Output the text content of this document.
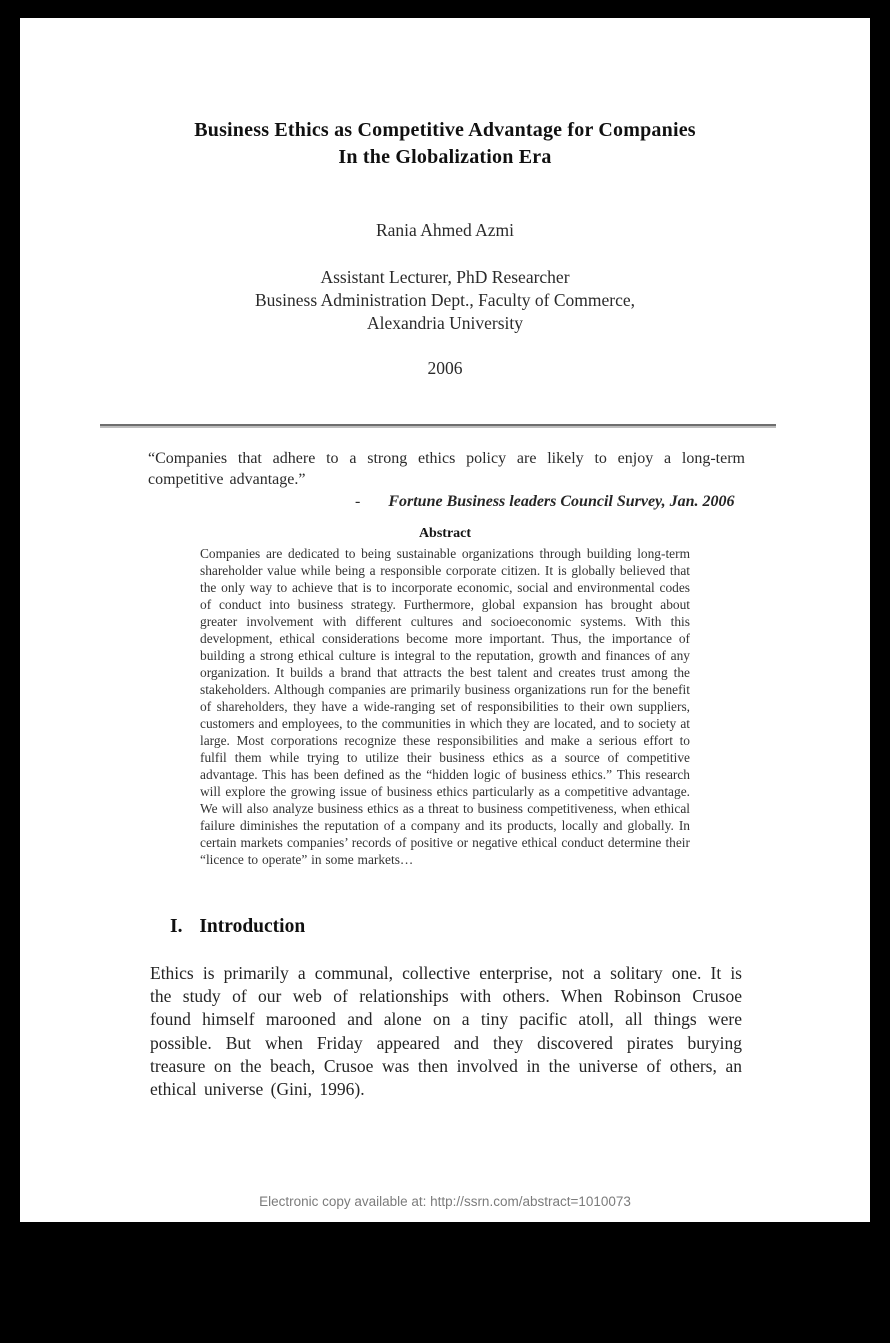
Business Ethics as Competitive Advantage for Companies
In the Globalization Era
Rania Ahmed Azmi
Assistant Lecturer, PhD Researcher
Business Administration Dept., Faculty of Commerce,
Alexandria University
2006
“Companies that adhere to a strong ethics policy are likely to enjoy a long-term competitive advantage.”
- Fortune Business leaders Council Survey, Jan. 2006
Abstract
Companies are dedicated to being sustainable organizations through building long-term shareholder value while being a responsible corporate citizen. It is globally believed that the only way to achieve that is to incorporate economic, social and environmental codes of conduct into business strategy. Furthermore, global expansion has brought about greater involvement with different cultures and socioeconomic systems. With this development, ethical considerations become more important. Thus, the importance of building a strong ethical culture is integral to the reputation, growth and finances of any organization. It builds a brand that attracts the best talent and creates trust among the stakeholders. Although companies are primarily business organizations run for the benefit of shareholders, they have a wide-ranging set of responsibilities to their own suppliers, customers and employees, to the communities in which they are located, and to society at large. Most corporations recognize these responsibilities and make a serious effort to fulfil them while trying to utilize their business ethics as a source of competitive advantage. This has been defined as the “hidden logic of business ethics.” This research will explore the growing issue of business ethics particularly as a competitive advantage. We will also analyze business ethics as a threat to business competitiveness, when ethical failure diminishes the reputation of a company and its products, locally and globally. In certain markets companies’ records of positive or negative ethical conduct determine their “licence to operate” in some markets…
I. Introduction
Ethics is primarily a communal, collective enterprise, not a solitary one. It is the study of our web of relationships with others. When Robinson Crusoe found himself marooned and alone on a tiny pacific atoll, all things were possible. But when Friday appeared and they discovered pirates burying treasure on the beach, Crusoe was then involved in the universe of others, an ethical universe (Gini, 1996).
Electronic copy available at: http://ssrn.com/abstract=1010073
